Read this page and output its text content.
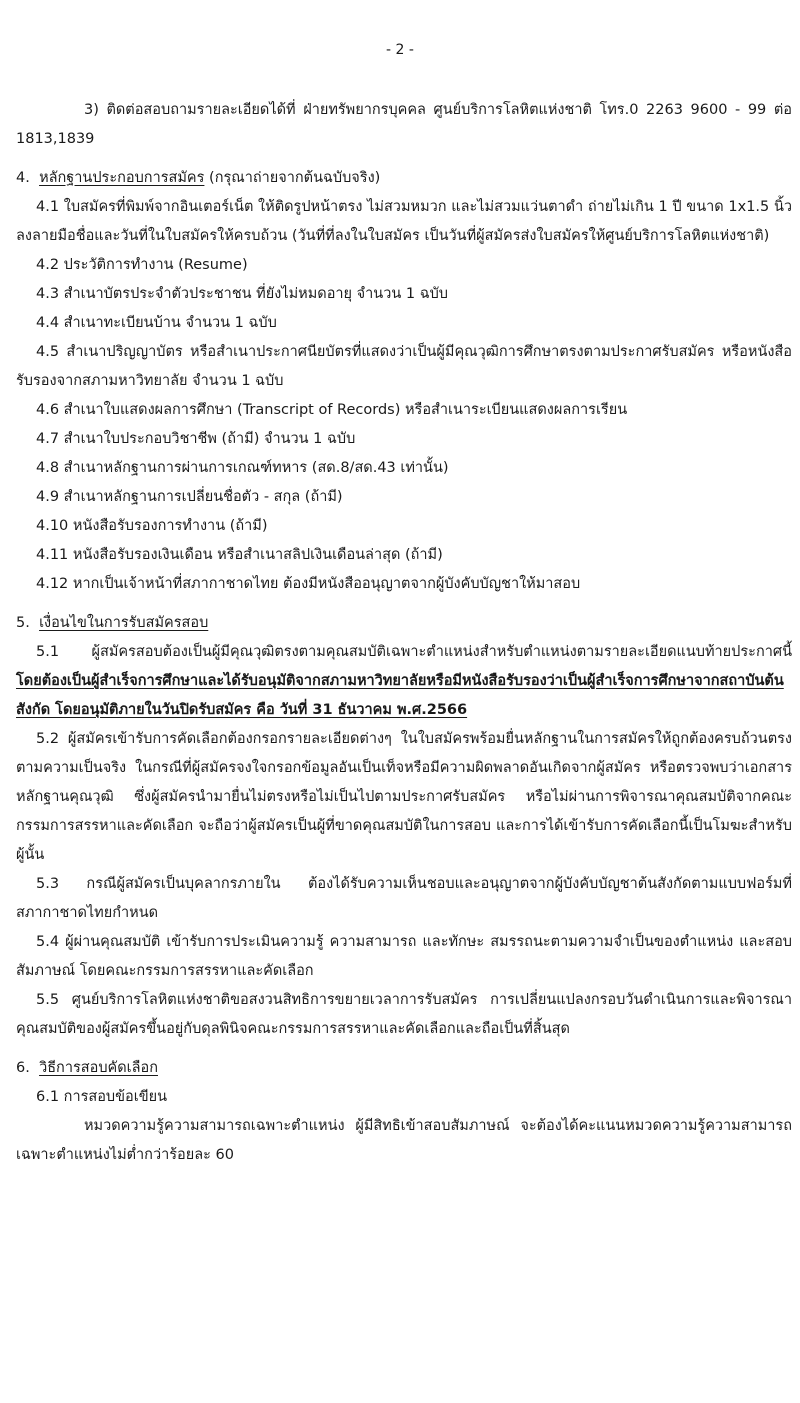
- 2 -

3) ติดต่อสอบถามรายละเอียดได้ที่ ฝ่ายทรัพยากรบุคคล ศูนย์บริการโลหิตแห่งชาติ โทร.0 2263 9600 - 99 ต่อ 1813,1839

4. หลักฐานประกอบการสมัคร (กรุณาถ่ายจากต้นฉบับจริง)

4.1 ใบสมัครที่พิมพ์จากอินเตอร์เน็ต ให้ติดรูปหน้าตรง ไม่สวมหมวก และไม่สวมแว่นตาดำ ถ่ายไม่เกิน 1 ปี ขนาด 1x1.5 นิ้ว ลงลายมือชื่อและวันที่ในใบสมัครให้ครบถ้วน (วันที่ที่ลงในใบสมัคร เป็นวันที่ผู้สมัครส่งใบสมัครให้ศูนย์บริการโลหิตแห่งชาติ)

4.2 ประวัติการทำงาน (Resume)

4.3 สำเนาบัตรประจำตัวประชาชน ที่ยังไม่หมดอายุ จำนวน 1 ฉบับ

4.4 สำเนาทะเบียนบ้าน จำนวน 1 ฉบับ

4.5 สำเนาปริญญาบัตร หรือสำเนาประกาศนียบัตรที่แสดงว่าเป็นผู้มีคุณวุฒิการศึกษาตรงตามประกาศรับสมัคร หรือหนังสือรับรองจากสภามหาวิทยาลัย จำนวน 1 ฉบับ

4.6 สำเนาใบแสดงผลการศึกษา (Transcript of Records) หรือสำเนาระเบียนแสดงผลการเรียน

4.7 สำเนาใบประกอบวิชาชีพ (ถ้ามี) จำนวน 1 ฉบับ

4.8 สำเนาหลักฐานการผ่านการเกณฑ์ทหาร (สด.8/สด.43 เท่านั้น)

4.9 สำเนาหลักฐานการเปลี่ยนชื่อตัว - สกุล (ถ้ามี)

4.10 หนังสือรับรองการทำงาน (ถ้ามี)

4.11 หนังสือรับรองเงินเดือน หรือสำเนาสลิปเงินเดือนล่าสุด (ถ้ามี)

4.12 หากเป็นเจ้าหน้าที่สภากาชาดไทย ต้องมีหนังสืออนุญาตจากผู้บังคับบัญชาให้มาสอบ

5. เงื่อนไขในการรับสมัครสอบ

5.1 ผู้สมัครสอบต้องเป็นผู้มีคุณวุฒิตรงตามคุณสมบัติเฉพาะตำแหน่งสำหรับตำแหน่งตามรายละเอียดแนบท้ายประกาศนี้ โดยต้องเป็นผู้สำเร็จการศึกษาและได้รับอนุมัติจากสภามหาวิทยาลัยหรือมีหนังสือรับรองว่าเป็นผู้สำเร็จการศึกษาจากสถาบันต้นสังกัด โดยอนุมัติภายในวันปิดรับสมัคร คือ วันที่ 31 ธันวาคม พ.ศ.2566

5.2 ผู้สมัครเข้ารับการคัดเลือกต้องกรอกรายละเอียดต่างๆ ในใบสมัครพร้อมยื่นหลักฐานในการสมัครให้ถูกต้องครบถ้วนตรงตามความเป็นจริง ในกรณีที่ผู้สมัครจงใจกรอกข้อมูลอันเป็นเท็จหรือมีความผิดพลาดอันเกิดจากผู้สมัคร หรือตรวจพบว่าเอกสารหลักฐานคุณวุฒิ ซึ่งผู้สมัครนำมายื่นไม่ตรงหรือไม่เป็นไปตามประกาศรับสมัคร หรือไม่ผ่านการพิจารณาคุณสมบัติจากคณะกรรมการสรรหาและคัดเลือก จะถือว่าผู้สมัครเป็นผู้ที่ขาดคุณสมบัติในการสอบ และการได้เข้ารับการคัดเลือกนี้เป็นโมฆะสำหรับผู้นั้น

5.3 กรณีผู้สมัครเป็นบุคลากรภายใน ต้องได้รับความเห็นชอบและอนุญาตจากผู้บังคับบัญชาต้นสังกัดตามแบบฟอร์มที่สภากาชาดไทยกำหนด

5.4 ผู้ผ่านคุณสมบัติ เข้ารับการประเมินความรู้ ความสามารถ และทักษะ สมรรถนะตามความจำเป็นของตำแหน่ง และสอบสัมภาษณ์ โดยคณะกรรมการสรรหาและคัดเลือก

5.5 ศูนย์บริการโลหิตแห่งชาติขอสงวนสิทธิการขยายเวลาการรับสมัคร การเปลี่ยนแปลงกรอบวันดำเนินการและพิจารณาคุณสมบัติของผู้สมัครขึ้นอยู่กับดุลพินิจคณะกรรมการสรรหาและคัดเลือกและถือเป็นที่สิ้นสุด

6. วิธีการสอบคัดเลือก

6.1 การสอบข้อเขียน

หมวดความรู้ความสามารถเฉพาะตำแหน่ง ผู้มีสิทธิเข้าสอบสัมภาษณ์ จะต้องได้คะแนนหมวดความรู้ความสามารถเฉพาะตำแหน่งไม่ต่ำกว่าร้อยละ 60
